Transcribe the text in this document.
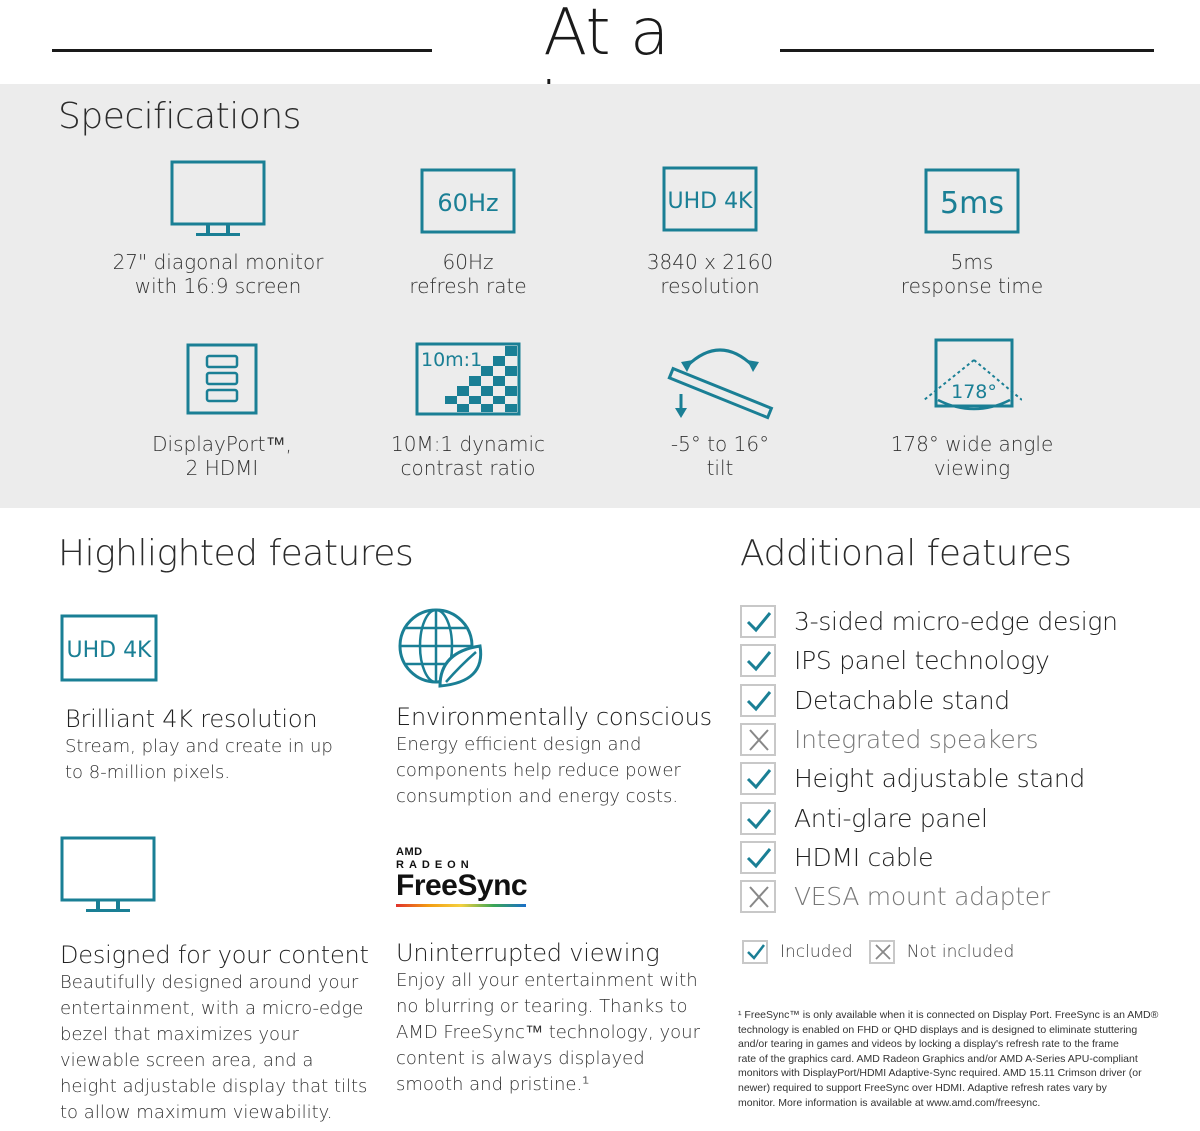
At a
Specifications
27" diagonal monitor
with 16:9 screen
60Hz
60Hz
refresh rate
UHD 4K
3840 x 2160
resolution
5ms
5ms
response time
DisplayPort™,
2 HDMI
10m:1
10M:1 dynamic
contrast ratio
-5° to 16°
tilt
178°
178° wide angle
viewing
Highlighted features
UHD 4K
Brilliant 4K resolution
Stream, play and create in up
to 8-million pixels.
Environmentally conscious
Energy efficient design and
components help reduce power
consumption and energy costs.
Designed for your content
Beautifully designed around your
entertainment, with a micro-edge
bezel that maximizes your
viewable screen area, and a
height adjustable display that tilts
to allow maximum viewability.
AMD
RADEON
FreeSync
Uninterrupted viewing
Enjoy all your entertainment with
no blurring or tearing. Thanks to
AMD FreeSync™ technology, your
content is always displayed
smooth and pristine.¹
Additional features
3-sided micro-edge design
IPS panel technology
Detachable stand
Integrated speakers
Height adjustable stand
Anti-glare panel
HDMI cable
VESA mount adapter
Included	Not included
¹ FreeSync™ is only available when it is connected on Display Port. FreeSync is an AMD®
technology is enabled on FHD or QHD displays and is designed to eliminate stuttering
and/or tearing in games and videos by locking a display's refresh rate to the frame
rate of the graphics card. AMD Radeon Graphics and/or AMD A-Series APU-compliant
monitors with DisplayPort/HDMI Adaptive-Sync required. AMD 15.11 Crimson driver (or
newer) required to support FreeSync over HDMI. Adaptive refresh rates vary by
monitor. More information is available at www.amd.com/freesync.
